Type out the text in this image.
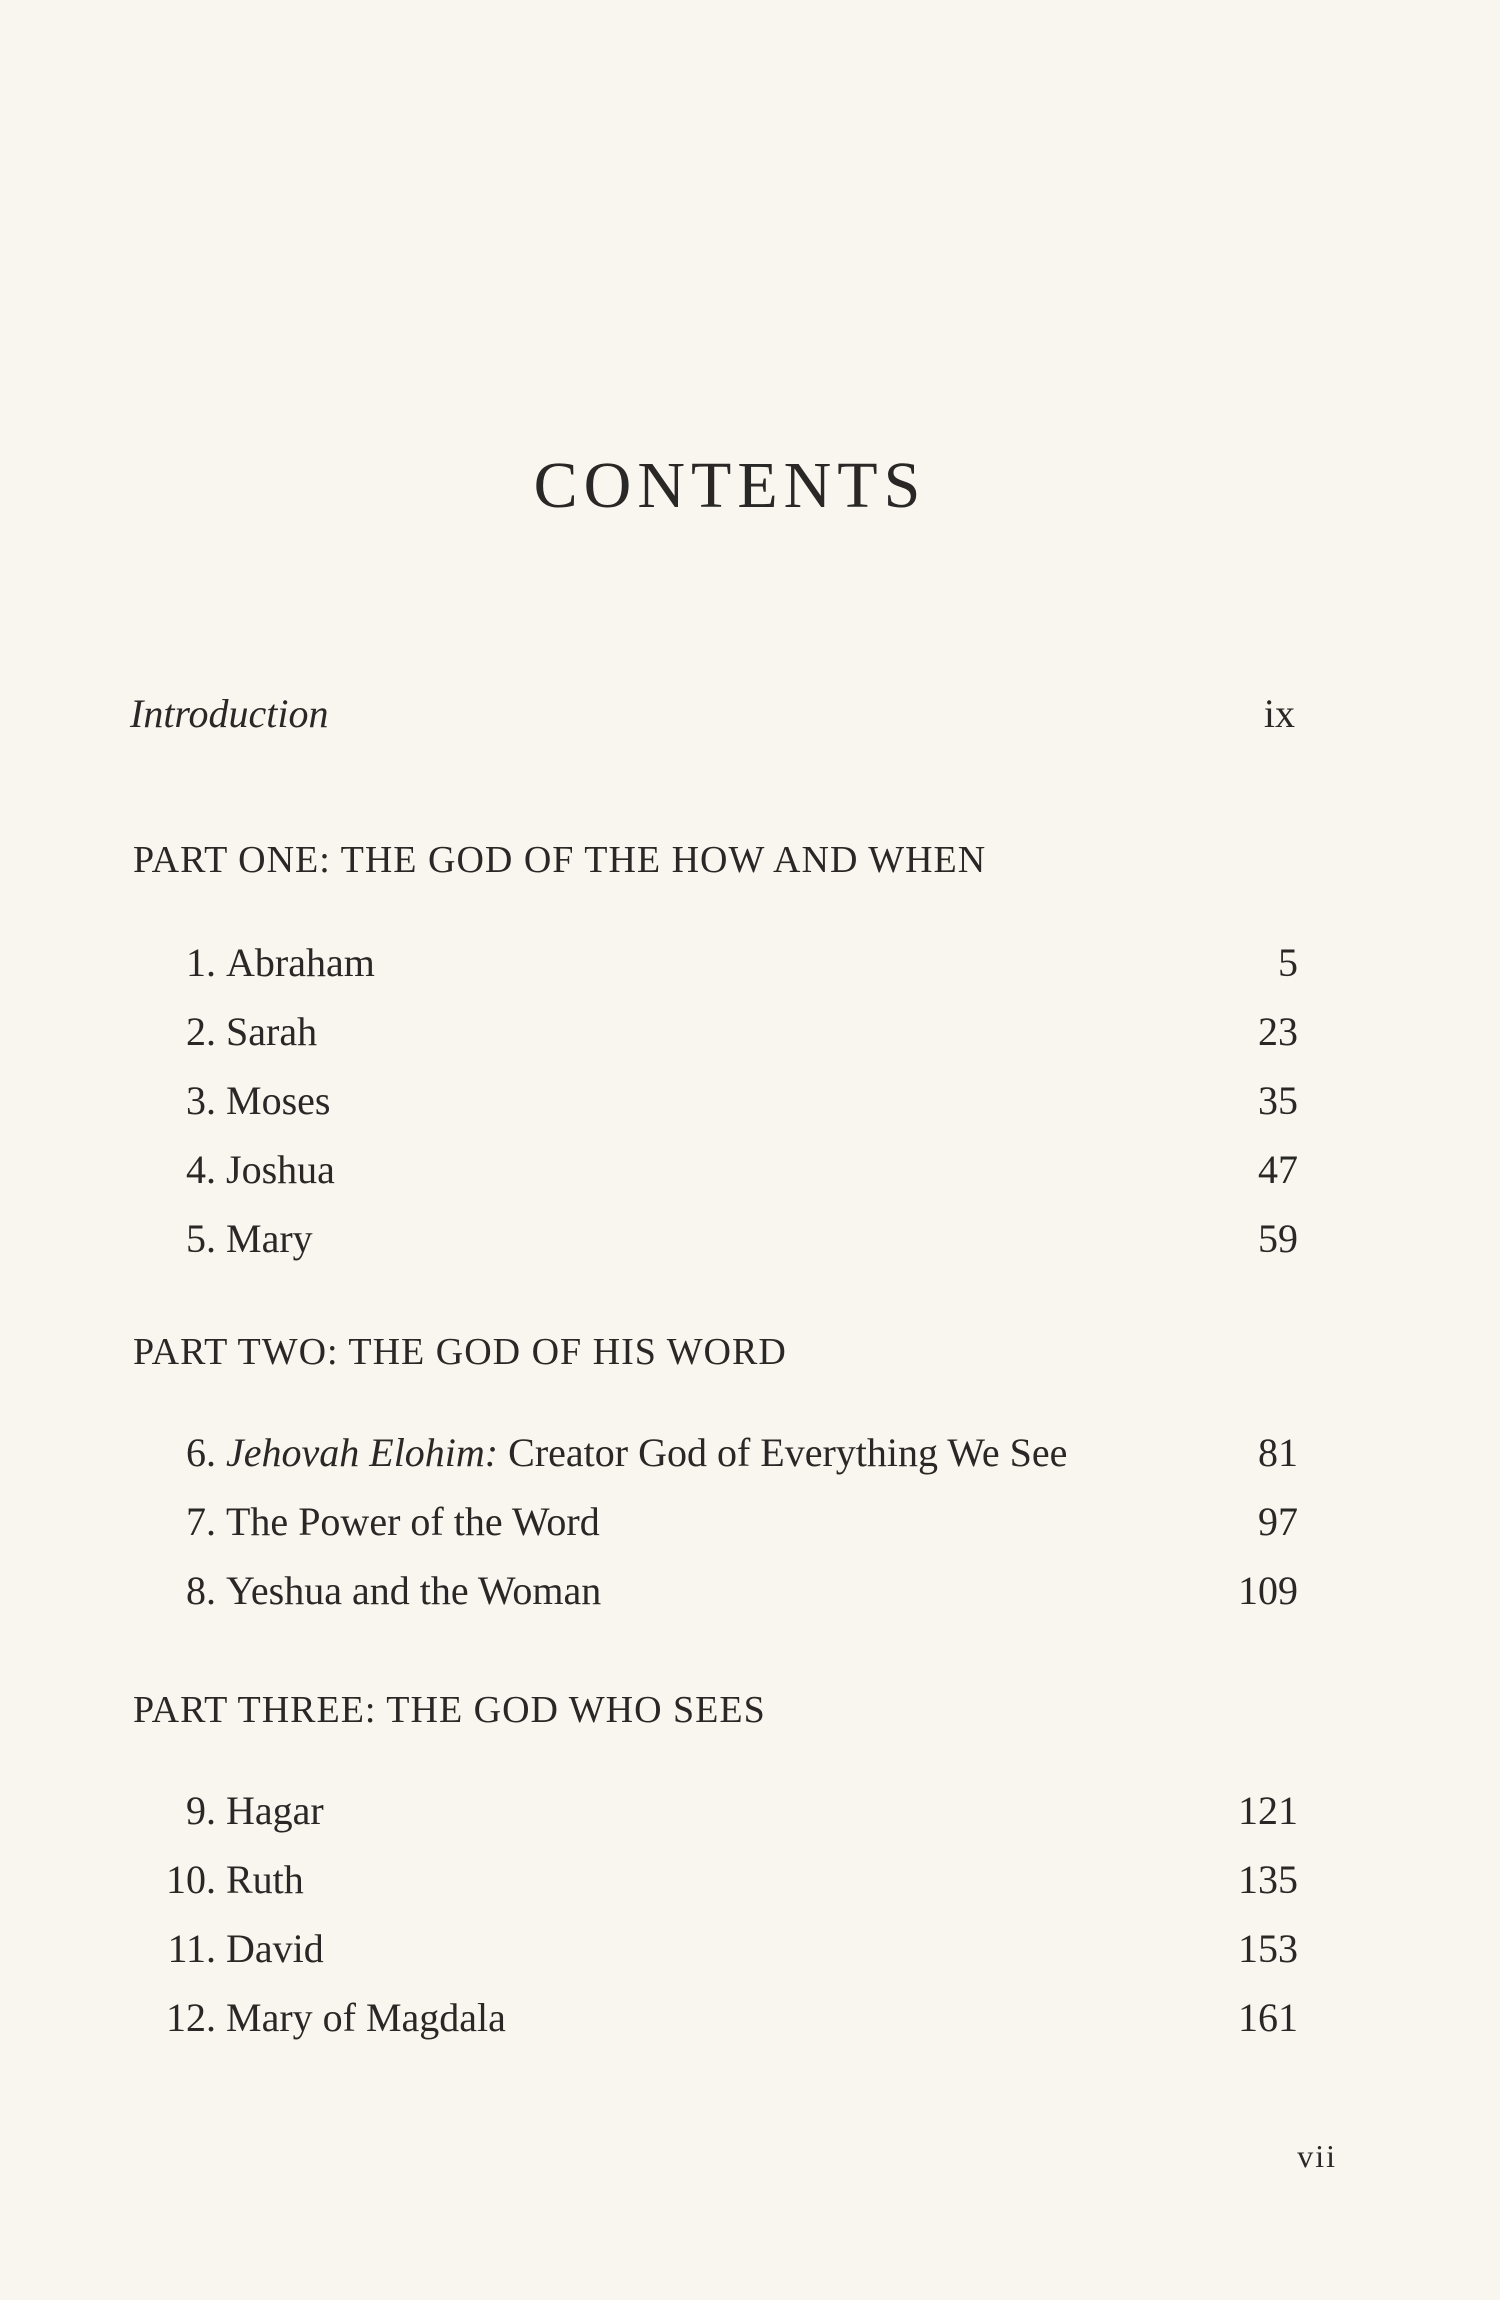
CONTENTS
Introduction	ix
PART ONE: THE GOD OF THE HOW AND WHEN
1. Abraham	5
2. Sarah	23
3. Moses	35
4. Joshua	47
5. Mary	59
PART TWO: THE GOD OF HIS WORD
6. Jehovah Elohim: Creator God of Everything We See	81
7. The Power of the Word	97
8. Yeshua and the Woman	109
PART THREE: THE GOD WHO SEES
9. Hagar	121
10. Ruth	135
11. David	153
12. Mary of Magdala	161
vii
